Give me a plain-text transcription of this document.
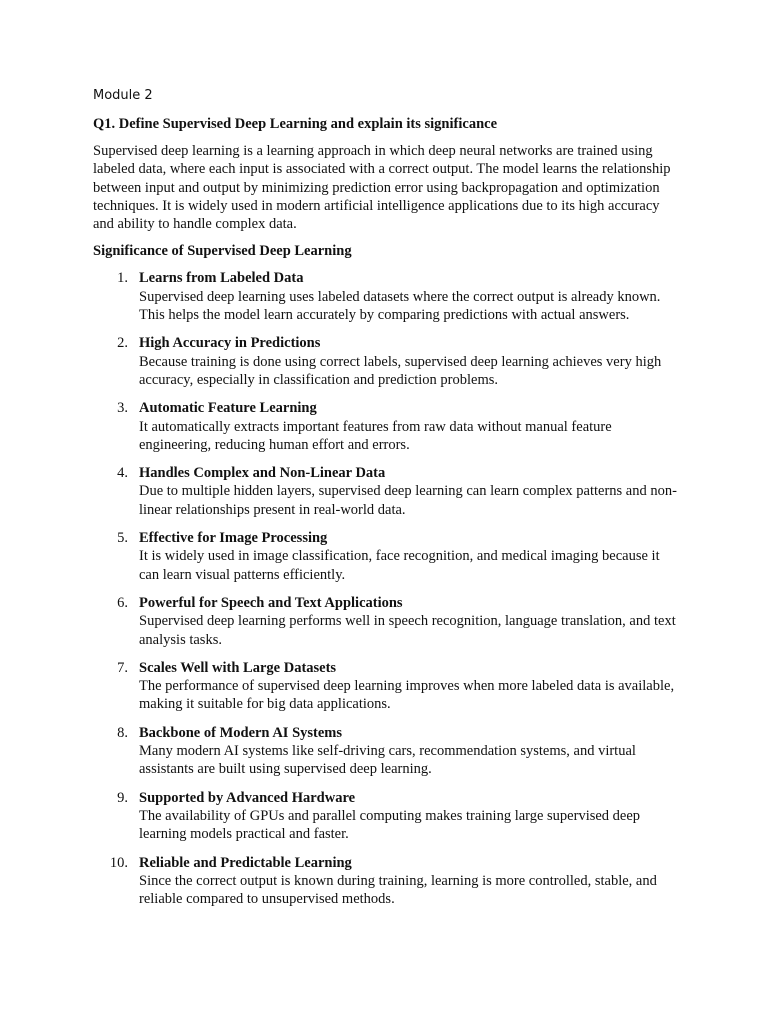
Module 2
Q1. Define Supervised Deep Learning and explain its significance
Supervised deep learning is a learning approach in which deep neural networks are trained using labeled data, where each input is associated with a correct output. The model learns the relationship between input and output by minimizing prediction error using backpropagation and optimization techniques. It is widely used in modern artificial intelligence applications due to its high accuracy and ability to handle complex data.
Significance of Supervised Deep Learning
1. Learns from Labeled Data
Supervised deep learning uses labeled datasets where the correct output is already known. This helps the model learn accurately by comparing predictions with actual answers.
2. High Accuracy in Predictions
Because training is done using correct labels, supervised deep learning achieves very high accuracy, especially in classification and prediction problems.
3. Automatic Feature Learning
It automatically extracts important features from raw data without manual feature engineering, reducing human effort and errors.
4. Handles Complex and Non-Linear Data
Due to multiple hidden layers, supervised deep learning can learn complex patterns and non-linear relationships present in real-world data.
5. Effective for Image Processing
It is widely used in image classification, face recognition, and medical imaging because it can learn visual patterns efficiently.
6. Powerful for Speech and Text Applications
Supervised deep learning performs well in speech recognition, language translation, and text analysis tasks.
7. Scales Well with Large Datasets
The performance of supervised deep learning improves when more labeled data is available, making it suitable for big data applications.
8. Backbone of Modern AI Systems
Many modern AI systems like self-driving cars, recommendation systems, and virtual assistants are built using supervised deep learning.
9. Supported by Advanced Hardware
The availability of GPUs and parallel computing makes training large supervised deep learning models practical and faster.
10. Reliable and Predictable Learning
Since the correct output is known during training, learning is more controlled, stable, and reliable compared to unsupervised methods.
